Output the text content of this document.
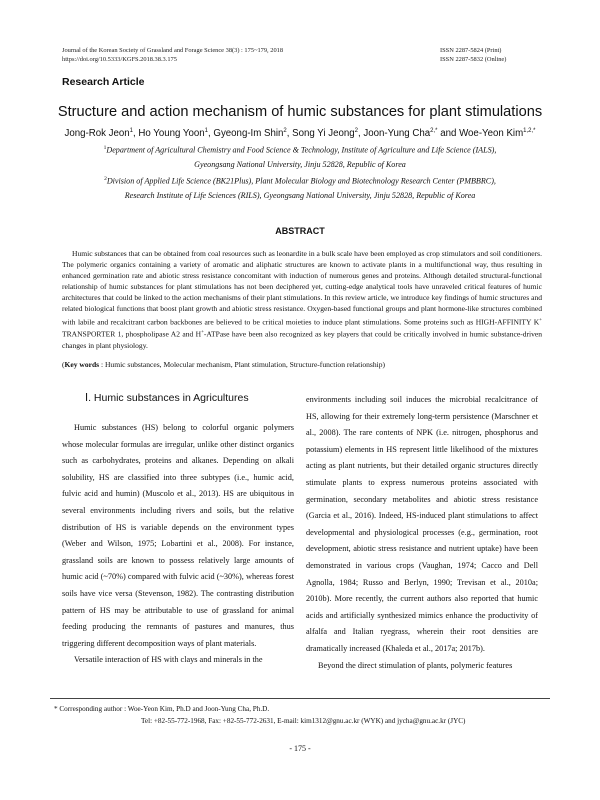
Journal of the Korean Society of Grassland and Forage Science 38(3) : 175~179, 2018
https://doi.org/10.5333/KGFS.2018.38.3.175
ISSN 2287-5824 (Print)
ISSN 2287-5832 (Online)
Research Article
Structure and action mechanism of humic substances for plant stimulations
Jong-Rok Jeon$^1$, Ho Young Yoon$^1$, Gyeong-Im Shin$^2$, Song Yi Jeong$^2$, Joon-Yung Cha$^{2,*}$ and Woe-Yeon Kim$^{1,2,*}$
$^1$Department of Agricultural Chemistry and Food Science & Technology, Institute of Agriculture and Life Science (IALS),
Gyeongsang National University, Jinju 52828, Republic of Korea
$^2$Division of Applied Life Science (BK21Plus), Plant Molecular Biology and Biotechnology Research Center (PMBBRC),
Research Institute of Life Sciences (RILS), Gyeongsang National University, Jinju 52828, Republic of Korea
ABSTRACT
Humic substances that can be obtained from coal resources such as leonardite in a bulk scale have been employed as crop stimulators and soil conditioners. The polymeric organics containing a variety of aromatic and aliphatic structures are known to activate plants in a multifunctional way, thus resulting in enhanced germination rate and abiotic stress resistance concomitant with induction of numerous genes and proteins. Although detailed structural-functional relationship of humic substances for plant stimulations has not been deciphered yet, cutting-edge analytical tools have unraveled critical features of humic architectures that could be linked to the action mechanisms of their plant stimulations. In this review article, we introduce key findings of humic structures and related biological functions that boost plant growth and abiotic stress resistance. Oxygen-based functional groups and plant hormone-like structures combined with labile and recalcitrant carbon backbones are believed to be critical moieties to induce plant stimulations. Some proteins such as HIGH-AFFINITY K+ TRANSPORTER 1, phospholipase A2 and H+-ATPase have been also recognized as key players that could be critically involved in humic substance-driven changes in plant physiology.
(Key words : Humic substances, Molecular mechanism, Plant stimulation, Structure-function relationship)
Ⅰ. Humic substances in Agricultures

Humic substances (HS) belong to colorful organic polymers whose molecular formulas are irregular, unlike other distinct organics such as carbohydrates, proteins and alkanes. Depending on alkali solubility, HS are classified into three subtypes (i.e., humic acid, fulvic acid and humin) (Muscolo et al., 2013). HS are ubiquitous in several environments including rivers and soils, but the relative distribution of HS is variable depends on the environment types (Weber and Wilson, 1975; Lobartini et al., 2008). For instance, grassland soils are known to possess relatively large amounts of humic acid (~70%) compared with fulvic acid (~30%), whereas forest soils have vice versa (Stevenson, 1982). The contrasting distribution pattern of HS may be attributable to use of grassland for animal feeding producing the remnants of pastures and manures, thus triggering different decomposition ways of plant materials.

Versatile interaction of HS with clays and minerals in the

environments including soil induces the microbial recalcitrance of HS, allowing for their extremely long-term persistence (Marschner et al., 2008). The rare contents of NPK (i.e. nitrogen, phosphorus and potassium) elements in HS represent little likelihood of the mixtures acting as plant nutrients, but their detailed organic structures directly stimulate plants to express numerous proteins associated with germination, secondary metabolites and abiotic stress resistance (Garcia et al., 2016). Indeed, HS-induced plant stimulations to affect developmental and physiological processes (e.g., germination, root development, abiotic stress resistance and nutrient uptake) have been demonstrated in various crops (Vaughan, 1974; Cacco and Dell Agnolla, 1984; Russo and Berlyn, 1990; Trevisan et al., 2010a; 2010b). More recently, the current authors also reported that humic acids and artificially synthesized mimics enhance the productivity of alfalfa and Italian ryegrass, wherein their root densities are dramatically increased (Khaleda et al., 2017a; 2017b).

Beyond the direct stimulation of plants, polymeric features

* Corresponding author : Woe-Yeon Kim, Ph.D and Joon-Yung Cha, Ph.D.
Tel: +82-55-772-1968, Fax: +82-55-772-2631, E-mail: kim1312@gnu.ac.kr (WYK) and jycha@gnu.ac.kr (JYC)
- 175 -
